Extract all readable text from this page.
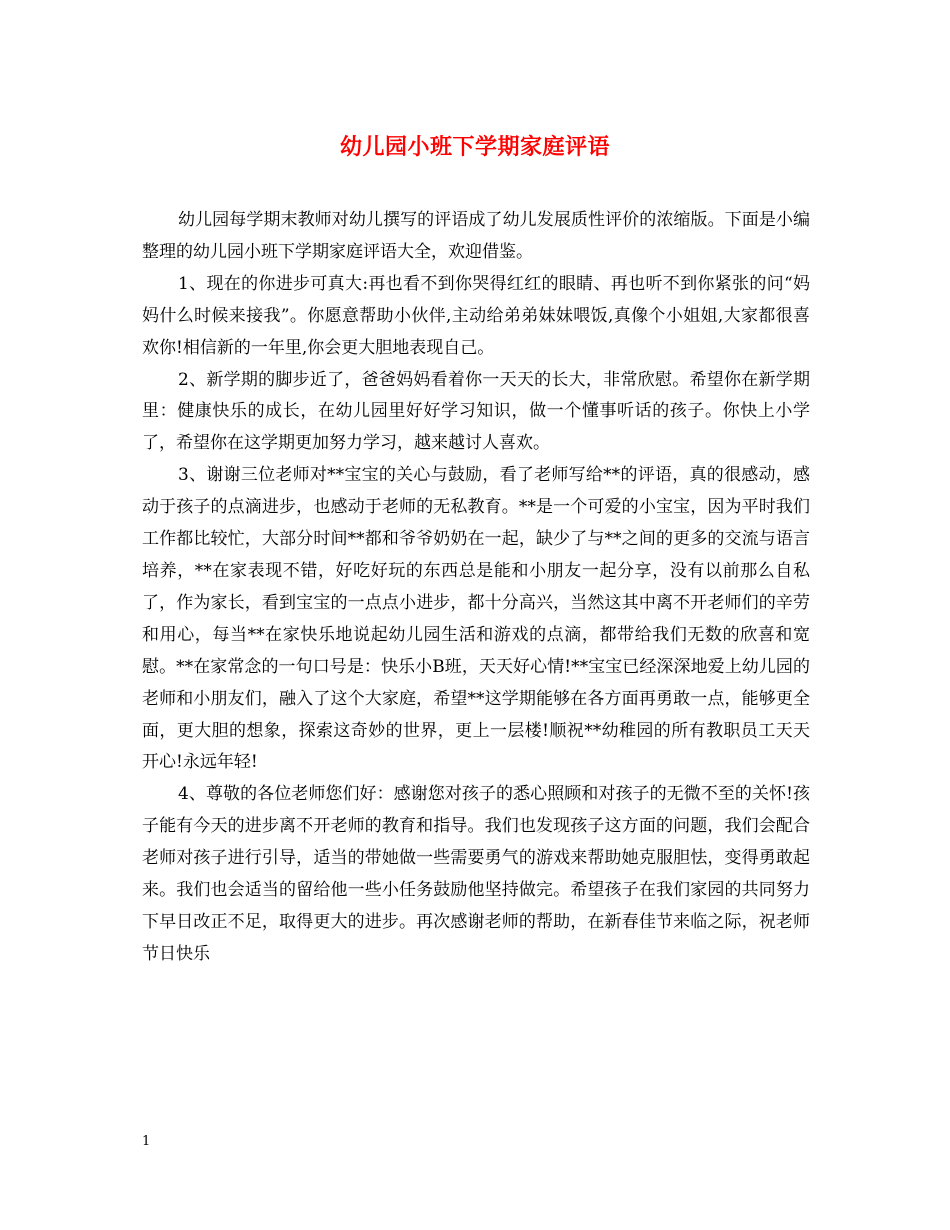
幼儿园小班下学期家庭评语

幼儿园每学期末教师对幼儿撰写的评语成了幼儿发展质性评价的浓缩版。下面是小编整理的幼儿园小班下学期家庭评语大全，欢迎借鉴。

1、现在的你进步可真大:再也看不到你哭得红红的眼睛、再也听不到你紧张的问“妈妈什么时候来接我”。你愿意帮助小伙伴,主动给弟弟妹妹喂饭,真像个小姐姐,大家都很喜欢你!相信新的一年里,你会更大胆地表现自己。

2、新学期的脚步近了，爸爸妈妈看着你一天天的长大，非常欣慰。希望你在新学期里：健康快乐的成长，在幼儿园里好好学习知识，做一个懂事听话的孩子。你快上小学了，希望你在这学期更加努力学习，越来越讨人喜欢。

3、谢谢三位老师对**宝宝的关心与鼓励，看了老师写给**的评语，真的很感动，感动于孩子的点滴进步，也感动于老师的无私教育。**是一个可爱的小宝宝，因为平时我们工作都比较忙，大部分时间**都和爷爷奶奶在一起，缺少了与**之间的更多的交流与语言培养，**在家表现不错，好吃好玩的东西总是能和小朋友一起分享，没有以前那么自私了，作为家长，看到宝宝的一点点小进步，都十分高兴，当然这其中离不开老师们的辛劳和用心，每当**在家快乐地说起幼儿园生活和游戏的点滴，都带给我们无数的欣喜和宽慰。**在家常念的一句口号是：快乐小B班，天天好心情!**宝宝已经深深地爱上幼儿园的老师和小朋友们，融入了这个大家庭，希望**这学期能够在各方面再勇敢一点，能够更全面，更大胆的想象，探索这奇妙的世界，更上一层楼!顺祝**幼稚园的所有教职员工天天开心!永远年轻!

4、尊敬的各位老师您们好：感谢您对孩子的悉心照顾和对孩子的无微不至的关怀!孩子能有今天的进步离不开老师的教育和指导。我们也发现孩子这方面的问题，我们会配合老师对孩子进行引导，适当的带她做一些需要勇气的游戏来帮助她克服胆怯，变得勇敢起来。我们也会适当的留给他一些小任务鼓励他坚持做完。希望孩子在我们家园的共同努力下早日改正不足，取得更大的进步。再次感谢老师的帮助，在新春佳节来临之际，祝老师节日快乐

1
